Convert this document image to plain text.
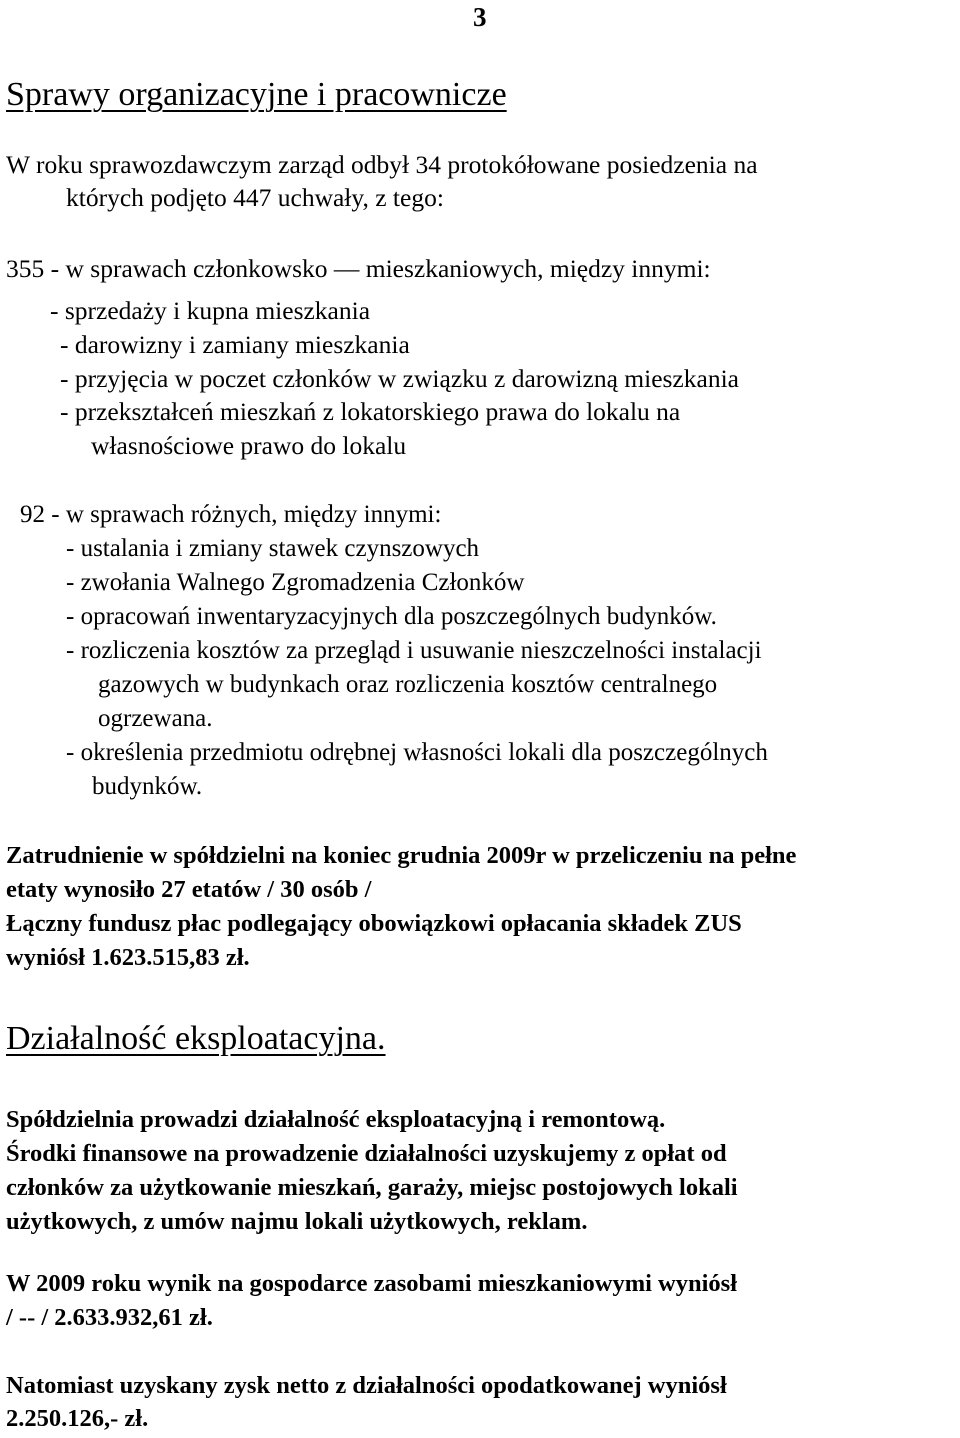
3
Sprawy organizacyjne i pracownicze
W roku sprawozdawczym zarząd odbył 34 protokółowane posiedzenia na
których podjęto 447 uchwały, z tego:
355 - w sprawach członkowsko — mieszkaniowych, między innymi:
- sprzedaży i kupna mieszkania
- darowizny i zamiany mieszkania
- przyjęcia w poczet członków w związku z darowizną mieszkania
- przekształceń mieszkań z lokatorskiego prawa do lokalu na
własnościowe prawo do lokalu
92 - w sprawach różnych, między innymi:
- ustalania i zmiany stawek czynszowych
- zwołania Walnego Zgromadzenia Członków
- opracowań inwentaryzacyjnych dla poszczególnych budynków.
- rozliczenia kosztów za przegląd i usuwanie nieszczelności instalacji
gazowych w budynkach oraz rozliczenia kosztów centralnego
ogrzewana.
- określenia przedmiotu odrębnej własności lokali dla poszczególnych
budynków.
Zatrudnienie w spółdzielni na koniec grudnia 2009r w przeliczeniu na pełne
etaty wynosiło 27 etatów / 30 osób /
Łączny fundusz płac podlegający obowiązkowi opłacania składek ZUS
wyniósł 1.623.515,83 zł.
Działalność eksploatacyjna.
Spółdzielnia prowadzi działalność eksploatacyjną i remontową.
Środki finansowe na prowadzenie działalności uzyskujemy z opłat od
członków za użytkowanie mieszkań, garaży, miejsc postojowych lokali
użytkowych, z umów najmu lokali użytkowych, reklam.
W 2009 roku wynik na gospodarce zasobami mieszkaniowymi wyniósł
/ -- / 2.633.932,61 zł.
Natomiast uzyskany zysk netto z działalności opodatkowanej wyniósł
2.250.126,- zł.
